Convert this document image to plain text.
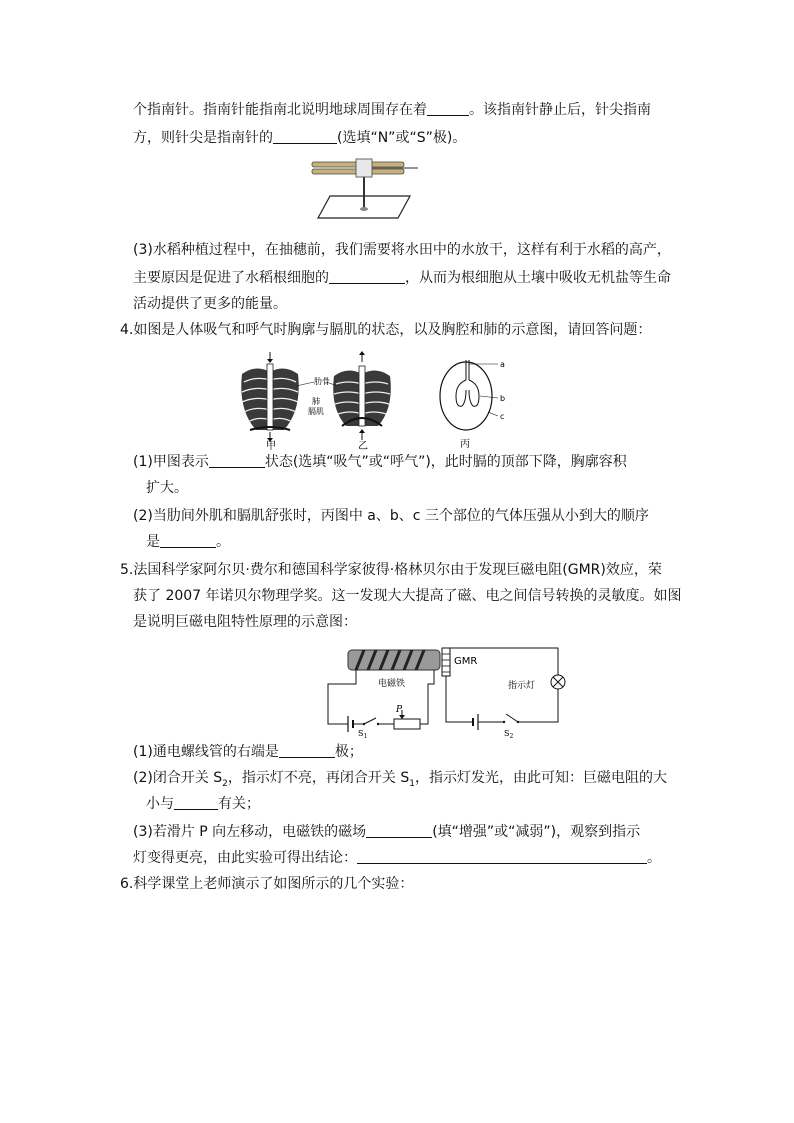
个指南针。指南针能指南北说明地球周围存在着	。该指南针静止后，针尖指南
方，则针尖是指南针的	(选填“N”或“S”极)。
(3)水稻种植过程中，在抽穗前，我们需要将水田中的水放干，这样有利于水稻的高产，
主要原因是促进了水稻根细胞的	，从而为根细胞从土壤中吸收无机盐等生命
活动提供了更多的能量。
4.如图是人体吸气和呼气时胸廓与膈肌的状态，以及胸腔和肺的示意图，请回答问题：
肋骨
肺
膈肌
甲	乙
a
b
c
丙
(1)甲图表示	状态(选填“吸气”或“呼气”)，此时膈的顶部下降，胸廓容积
扩大。
(2)当肋间外肌和膈肌舒张时，丙图中 a、b、c 三个部位的气体压强从小到大的顺序
是	。
5.法国科学家阿尔贝·费尔和德国科学家彼得·格林贝尔由于发现巨磁电阻(GMR)效应，荣
获了 2007 年诺贝尔物理学奖。这一发现大大提高了磁、电之间信号转换的灵敏度。如图
是说明巨磁电阻特性原理的示意图：
电磁铁
P
$S_1$
GMR
指示灯
$S_2$
(1)通电螺线管的右端是	极；
(2)闭合开关 $S_2$，指示灯不亮，再闭合开关 $S_1$，指示灯发光，由此可知：巨磁电阻的大
小与	有关；
(3)若滑片 P 向左移动，电磁铁的磁场	(填“增强”或“减弱”)，观察到指示
灯变得更亮，由此实验可得出结论：	。
6.科学课堂上老师演示了如图所示的几个实验：
